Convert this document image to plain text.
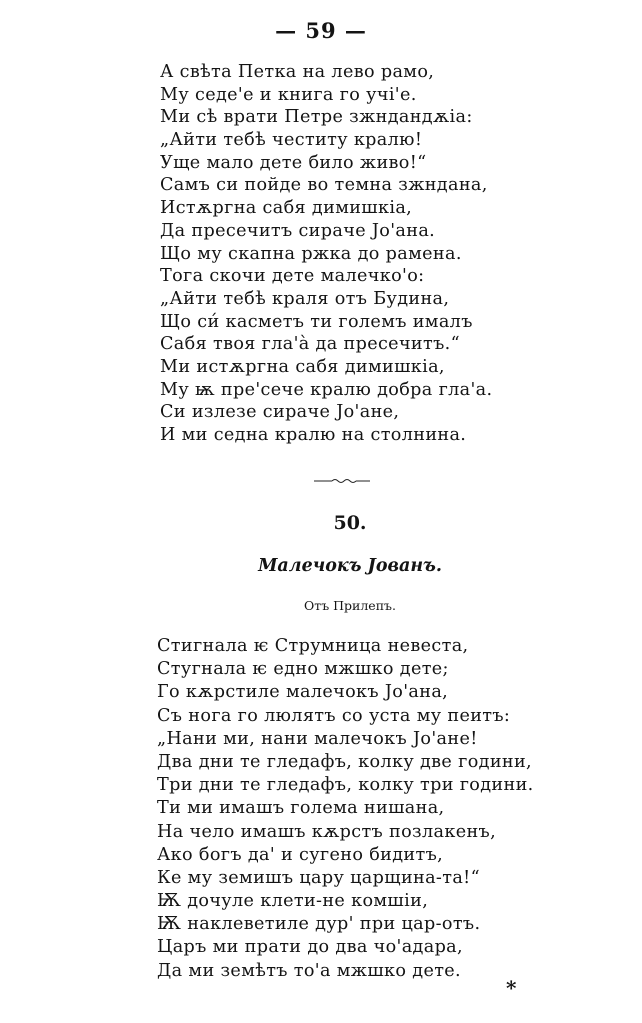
— 59 —
А свѣта Петка на лево рамо,
Му седе'е и книга го учі'е.
Ми сѣ врати Петре зжндандѫіа:
„Айти тебѣ честиту кралю!
Уще мало дете било живо!“
Самъ си пойде во темна зжндана,
Истѫргна сабя димишкіа,
Да пресечитъ сираче Јо'ана.
Що му скапна ржка до рамена.
Тога скочи дете малечко'о:
„Айти тебѣ краля отъ Будина,
Що си́ касметъ ти големъ ималъ
Сабя твоя гла'а̀ да пресечитъ.“
Ми истѫргна сабя димишкіа,
Му ѭ пре'сече кралю добра гла'а.
Си излезе сираче Јо'ане,
И ми седна кралю на столнина.
50.
Малечокъ Јованъ.
Отъ Прилепъ.
Стигнала ѥ Струмница невеста,
Стугнала ѥ едно мжшко дете;
Го кѫрстиле малечокъ Јо'ана,
Съ нога го люлятъ со уста му пеитъ:
„Нани ми, нани малечокъ Јо'ане!
Два дни те гледафъ, колку две години,
Три дни те гледафъ, колку три години.
Ти ми имашъ голема нишана,
На чело имашъ кѫрстъ позлакенъ,
Ако богъ да' и сугено бидитъ,
Ке му земишъ цару царщина-та!“
Ѭ дочуле клети-не комшіи,
Ѭ наклеветиле дур' при цар-отъ.
Царъ ми прати до два чо'адара,
Да ми земѣтъ то'а мжшко дете.
*
